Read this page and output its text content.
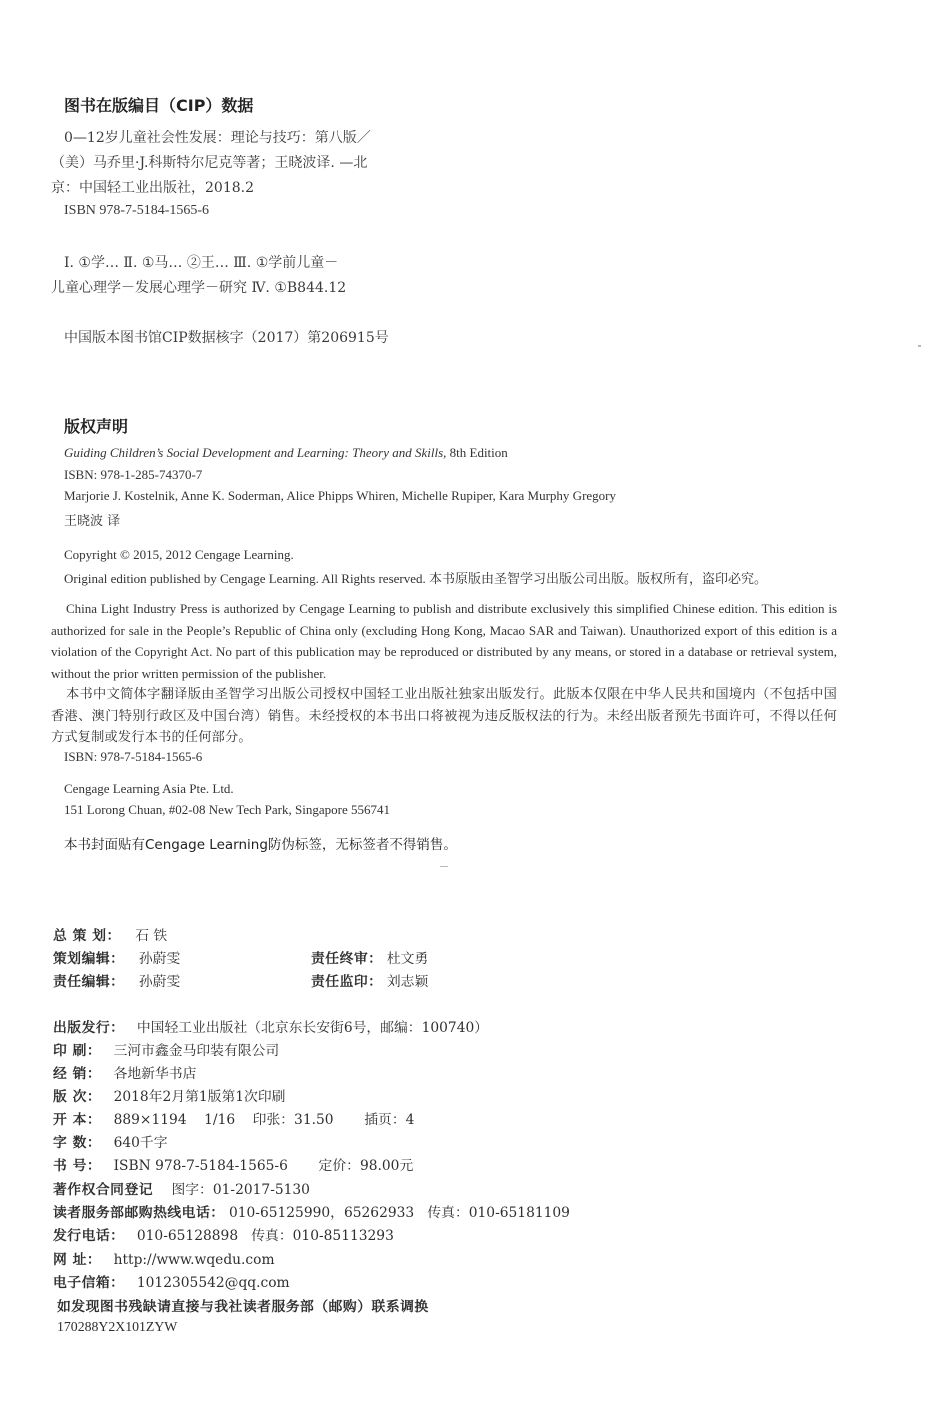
图书在版编目（CIP）数据
0—12岁儿童社会性发展：理论与技巧：第八版／
（美）马乔里·J.科斯特尔尼克等著；王晓波译. —北
京：中国轻工业出版社，2018.2
ISBN 978-7-5184-1565-6
Ⅰ. ①学… Ⅱ. ①马… ②王… Ⅲ. ①学前儿童－
儿童心理学－发展心理学－研究 Ⅳ. ①B844.12
中国版本图书馆CIP数据核字（2017）第206915号
版权声明
Guiding Children’s Social Development and Learning: Theory and Skills, 8th Edition
ISBN: 978-1-285-74370-7
Marjorie J. Kostelnik, Anne K. Soderman, Alice Phipps Whiren, Michelle Rupiper, Kara Murphy Gregory
王晓波 译
Copyright © 2015, 2012 Cengage Learning.
Original edition published by Cengage Learning. All Rights reserved. 本书原版由圣智学习出版公司出版。版权所有，盗印必究。
China Light Industry Press is authorized by Cengage Learning to publish and distribute exclusively this simplified Chinese edition. This edition is authorized for sale in the People’s Republic of China only (excluding Hong Kong, Macao SAR and Taiwan). Unauthorized export of this edition is a violation of the Copyright Act. No part of this publication may be reproduced or distributed by any means, or stored in a database or retrieval system, without the prior written permission of the publisher.
本书中文简体字翻译版由圣智学习出版公司授权中国轻工业出版社独家出版发行。此版本仅限在中华人民共和国境内（不包括中国香港、澳门特别行政区及中国台湾）销售。未经授权的本书出口将被视为违反版权法的行为。未经出版者预先书面许可，不得以任何方式复制或发行本书的任何部分。
ISBN: 978-7-5184-1565-6
Cengage Learning Asia Pte. Ltd.
151 Lorong Chuan, #02-08 New Tech Park, Singapore 556741
本书封面贴有Cengage Learning防伪标签，无标签者不得销售。
总 策 划： 石 铁
策划编辑： 孙蔚雯	责任终审： 杜文勇
责任编辑： 孙蔚雯	责任监印： 刘志颖
出版发行： 中国轻工业出版社（北京东长安街6号，邮编：100740）
印 刷： 三河市鑫金马印装有限公司
经 销： 各地新华书店
版 次： 2018年2月第1版第1次印刷
开 本： 889×1194    1/16    印张：31.50       插页：4
字 数： 640千字
书 号： ISBN 978-7-5184-1565-6       定价：98.00元
著作权合同登记 图字：01-2017-5130
读者服务部邮购热线电话： 010-65125990，65262933   传真：010-65181109
发行电话： 010-65128898   传真：010-85113293
网 址： http://www.wqedu.com
电子信箱： 1012305542@qq.com
如发现图书残缺请直接与我社读者服务部（邮购）联系调换
170288Y2X101ZYW
